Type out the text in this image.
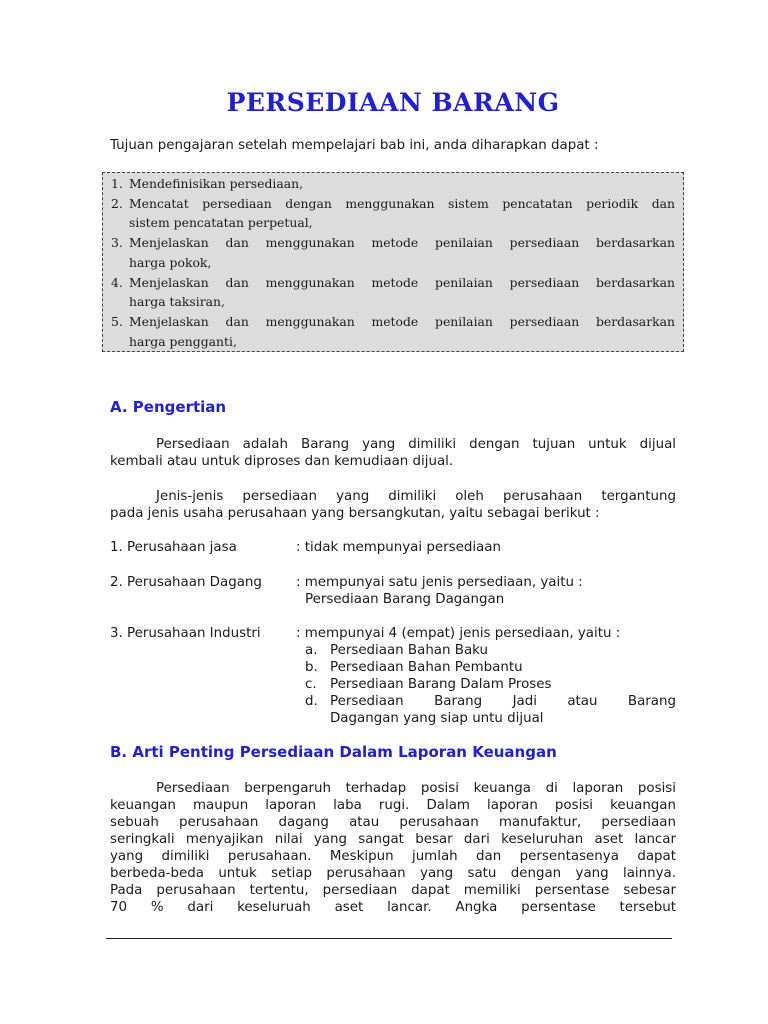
PERSEDIAAN BARANG

Tujuan pengajaran setelah mempelajari bab ini, anda diharapkan dapat :

1. Mendefinisikan persediaan,
2. Mencatat persediaan dengan menggunakan sistem pencatatan periodik dan
sistem pencatatan perpetual,
3. Menjelaskan dan menggunakan metode penilaian persediaan berdasarkan
harga pokok,
4. Menjelaskan dan menggunakan metode penilaian persediaan berdasarkan
harga taksiran,
5. Menjelaskan dan menggunakan metode penilaian persediaan berdasarkan
harga pengganti,
A. Pengertian
Persediaan adalah Barang yang dimiliki dengan tujuan untuk dijual
kembali atau untuk diproses dan kemudiaan dijual.
Jenis-jenis persediaan yang dimiliki oleh perusahaan tergantung
pada jenis usaha perusahaan yang bersangkutan, yaitu sebagai berikut :
1. Perusahaan jasa	: tidak mempunyai persediaan
2. Perusahaan Dagang	: mempunyai satu jenis persediaan, yaitu :
Persediaan Barang Dagangan
3. Perusahaan Industri	: mempunyai 4 (empat) jenis persediaan, yaitu :
a. Persediaan Bahan Baku
b. Persediaan Bahan Pembantu
c. Persediaan Barang Dalam Proses
d. Persediaan Barang Jadi atau Barang
Dagangan yang siap untu dijual
B. Arti Penting Persediaan Dalam Laporan Keuangan
Persediaan berpengaruh terhadap posisi keuanga di laporan posisi
keuangan maupun laporan laba rugi. Dalam laporan posisi keuangan
sebuah perusahaan dagang atau perusahaan manufaktur, persediaan
seringkali menyajikan nilai yang sangat besar dari keseluruhan aset lancar
yang dimiliki perusahaan. Meskipun jumlah dan persentasenya dapat
berbeda-beda untuk setiap perusahaan yang satu dengan yang lainnya.
Pada perusahaan tertentu, persediaan dapat memiliki persentase sebesar
70 % dari keseluruah aset lancar. Angka persentase tersebut
